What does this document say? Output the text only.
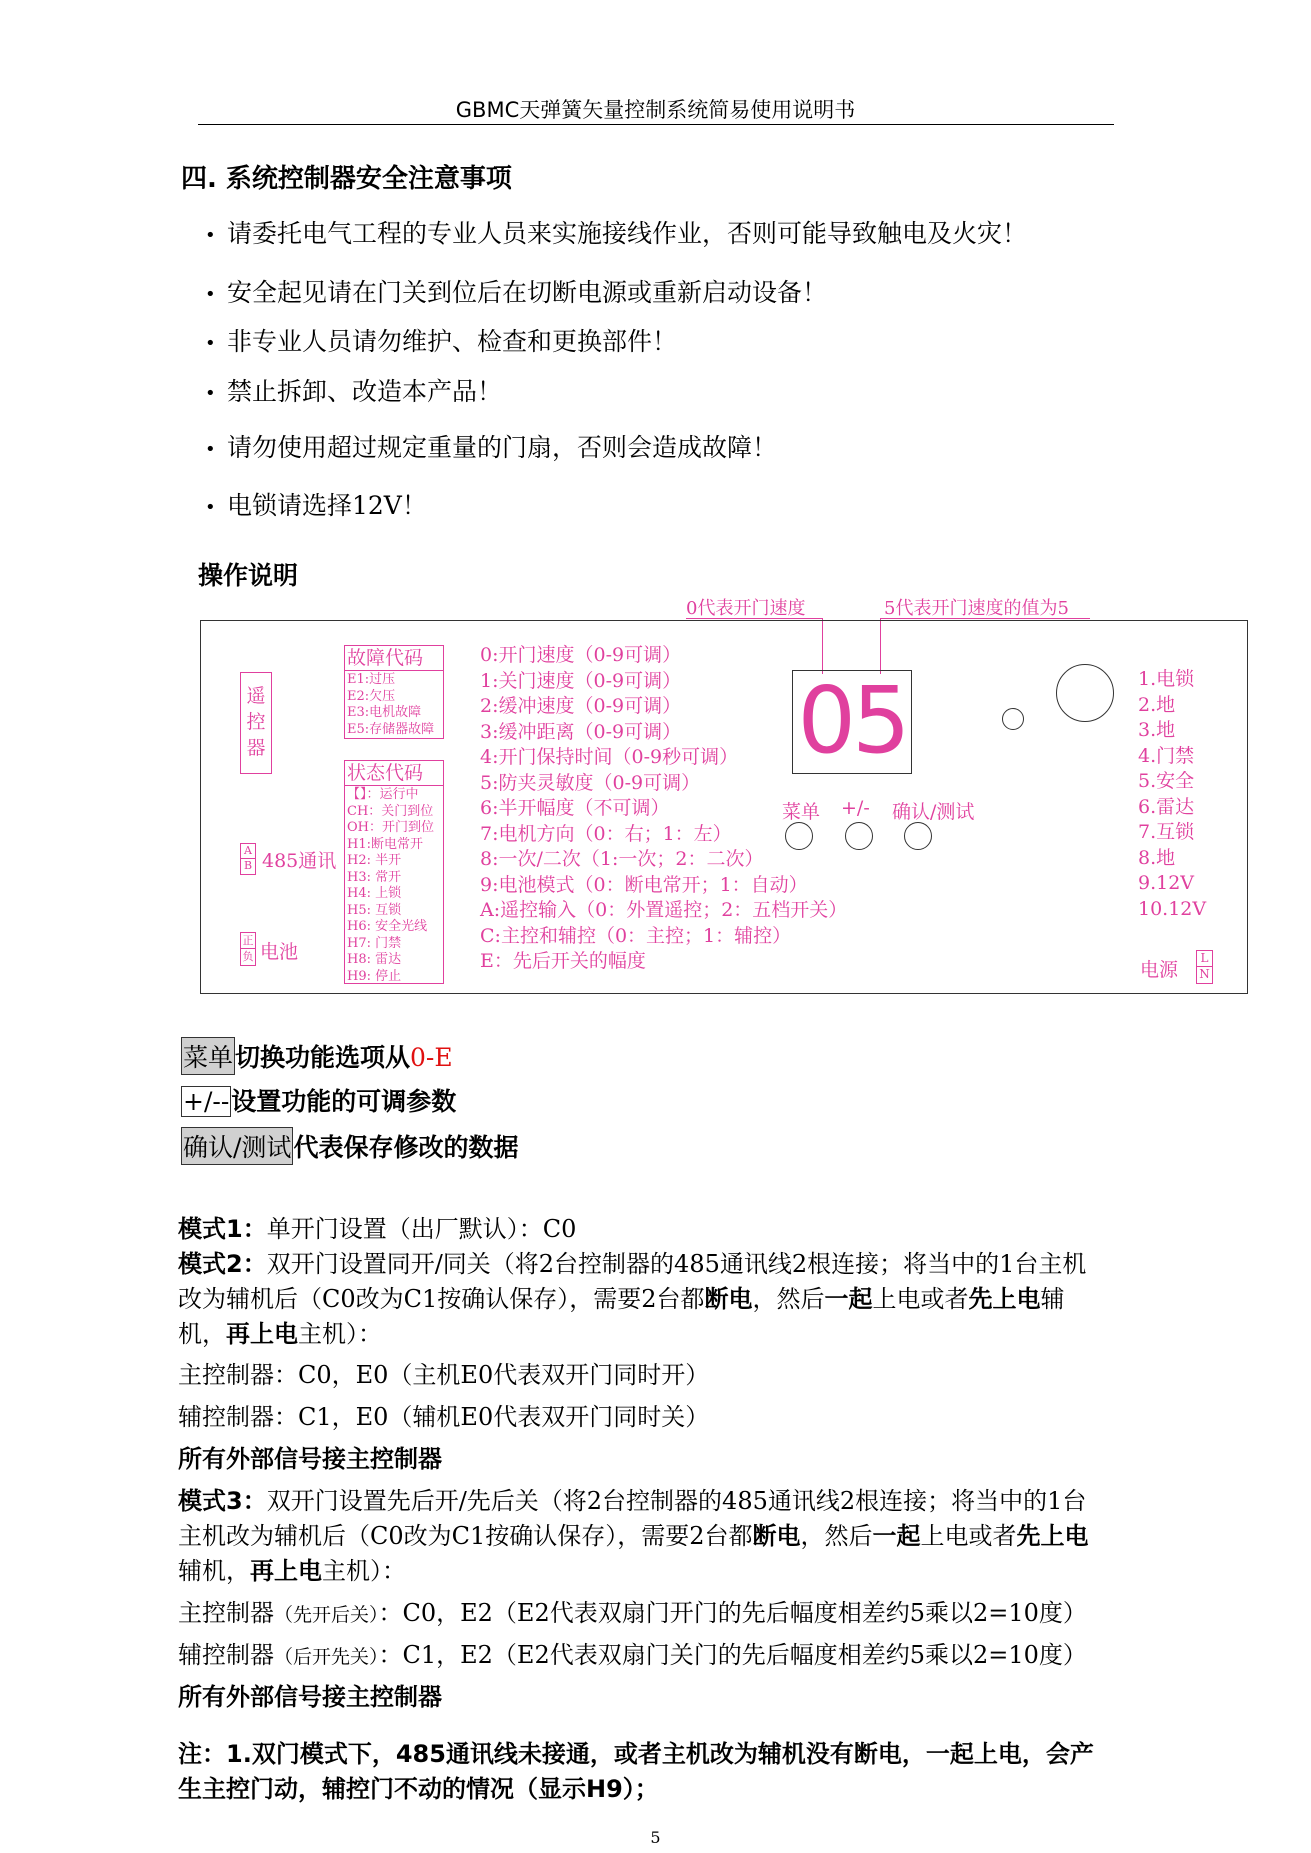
GBMC天弹簧矢量控制系统简易使用说明书
四. 系统控制器安全注意事项
• 请委托电气工程的专业人员来实施接线作业，否则可能导致触电及火灾！
• 安全起见请在门关到位后在切断电源或重新启动设备！
• 非专业人员请勿维护、检查和更换部件！
• 禁止拆卸、改造本产品！
• 请勿使用超过规定重量的门扇，否则会造成故障！
• 电锁请选择12V！
操作说明
0代表开门速度	5代表开门速度的值为5
遥
控
器
A
B 485通讯
正
负 电池
故障代码
E1:过压
E2:欠压
E3:电机故障
E5:存储器故障
状态代码
【】：运行中
CH：关门到位
OH：开门到位
H1:断电常开
H2: 半开
H3: 常开
H4: 上锁
H5: 互锁
H6: 安全光线
H7: 门禁
H8: 雷达
H9: 停止
0:开门速度（0-9可调）
1:关门速度（0-9可调）
2:缓冲速度（0-9可调）
3:缓冲距离（0-9可调）
4:开门保持时间（0-9秒可调）
5:防夹灵敏度（0-9可调）
6:半开幅度（不可调）
7:电机方向（0：右；1：左）
8:一次/二次（1:一次；2：二次）
9:电池模式（0：断电常开；1：自动）
A:遥控输入（0：外置遥控；2：五档开关）
C:主控和辅控（0：主控；1：辅控）
E：先后开关的幅度
05
菜单 +/- 确认/测试
1.电锁
2.地
3.地
4.门禁
5.安全
6.雷达
7.互锁
8.地
9.12V
10.12V
电源
L
N
菜单切换功能选项从0-E
+/--设置功能的可调参数
确认/测试代表保存修改的数据
模式1：单开门设置（出厂默认）：C0
模式2：双开门设置同开/同关（将2台控制器的485通讯线2根连接；将当中的1台主机
改为辅机后（C0改为C1按确认保存），需要2台都断电，然后一起上电或者先上电辅
机，再上电主机）：
主控制器：C0，E0（主机E0代表双开门同时开）
辅控制器：C1，E0（辅机E0代表双开门同时关）
所有外部信号接主控制器
模式3：双开门设置先后开/先后关（将2台控制器的485通讯线2根连接；将当中的1台
主机改为辅机后（C0改为C1按确认保存），需要2台都断电，然后一起上电或者先上电
辅机，再上电主机）：
主控制器（先开后关）：C0，E2（E2代表双扇门开门的先后幅度相差约5乘以2=10度）
辅控制器（后开先关）：C1，E2（E2代表双扇门关门的先后幅度相差约5乘以2=10度）
所有外部信号接主控制器
注：1.双门模式下，485通讯线未接通，或者主机改为辅机没有断电，一起上电，会产
生主控门动，辅控门不动的情况（显示H9）；
5
